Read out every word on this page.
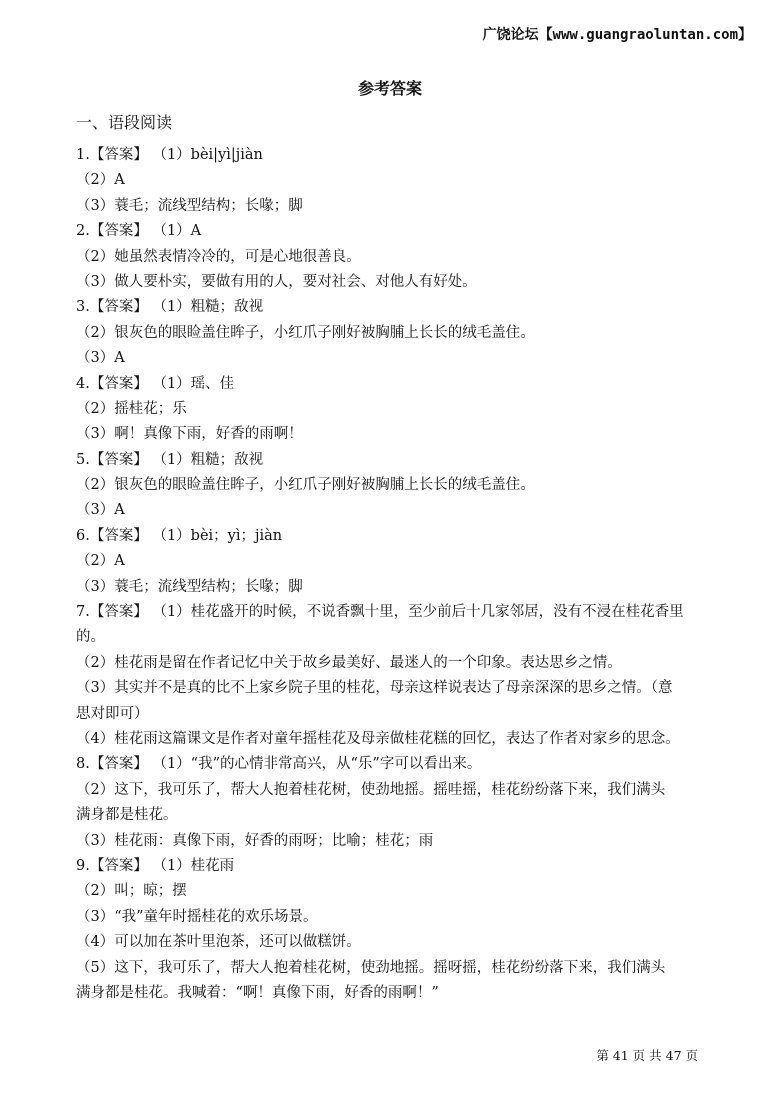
广饶论坛【www.guangraoluntan.com】
参考答案
一、语段阅读
1.【答案】 （1）bèi|yì|jiàn
（2）A
（3）蓑毛；流线型结构；长喙；脚
2.【答案】 （1）A
（2）她虽然表情冷冷的，可是心地很善良。
（3）做人要朴实，要做有用的人，要对社会、对他人有好处。
3.【答案】 （1）粗糙；敌视
（2）银灰色的眼睑盖住眸子，小红爪子刚好被胸脯上长长的绒毛盖住。
（3）A
4.【答案】 （1）瑶、佳
（2）摇桂花；乐
（3）啊！真像下雨，好香的雨啊！
5.【答案】 （1）粗糙；敌视
（2）银灰色的眼睑盖住眸子，小红爪子刚好被胸脯上长长的绒毛盖住。
（3）A
6.【答案】 （1）bèi；yì；jiàn
（2）A
（3）蓑毛；流线型结构；长喙；脚
7.【答案】 （1）桂花盛开的时候，不说香飘十里，至少前后十几家邻居，没有不浸在桂花香里
的。
（2）桂花雨是留在作者记忆中关于故乡最美好、最迷人的一个印象。表达思乡之情。
（3）其实并不是真的比不上家乡院子里的桂花，母亲这样说表达了母亲深深的思乡之情。（意
思对即可）
（4）桂花雨这篇课文是作者对童年摇桂花及母亲做桂花糕的回忆，表达了作者对家乡的思念。
8.【答案】 （1）“我”的心情非常高兴，从“乐”字可以看出来。
（2）这下，我可乐了，帮大人抱着桂花树，使劲地摇。摇哇摇，桂花纷纷落下来，我们满头
满身都是桂花。
（3）桂花雨：真像下雨，好香的雨呀；比喻；桂花；雨
9.【答案】 （1）桂花雨
（2）叫；晾；摆
（3）“我”童年时摇桂花的欢乐场景。
（4）可以加在茶叶里泡茶，还可以做糕饼。
（5）这下，我可乐了，帮大人抱着桂花树，使劲地摇。摇呀摇，桂花纷纷落下来，我们满头
满身都是桂花。我喊着：“啊！真像下雨，好香的雨啊！”
第 41 页 共 47 页
